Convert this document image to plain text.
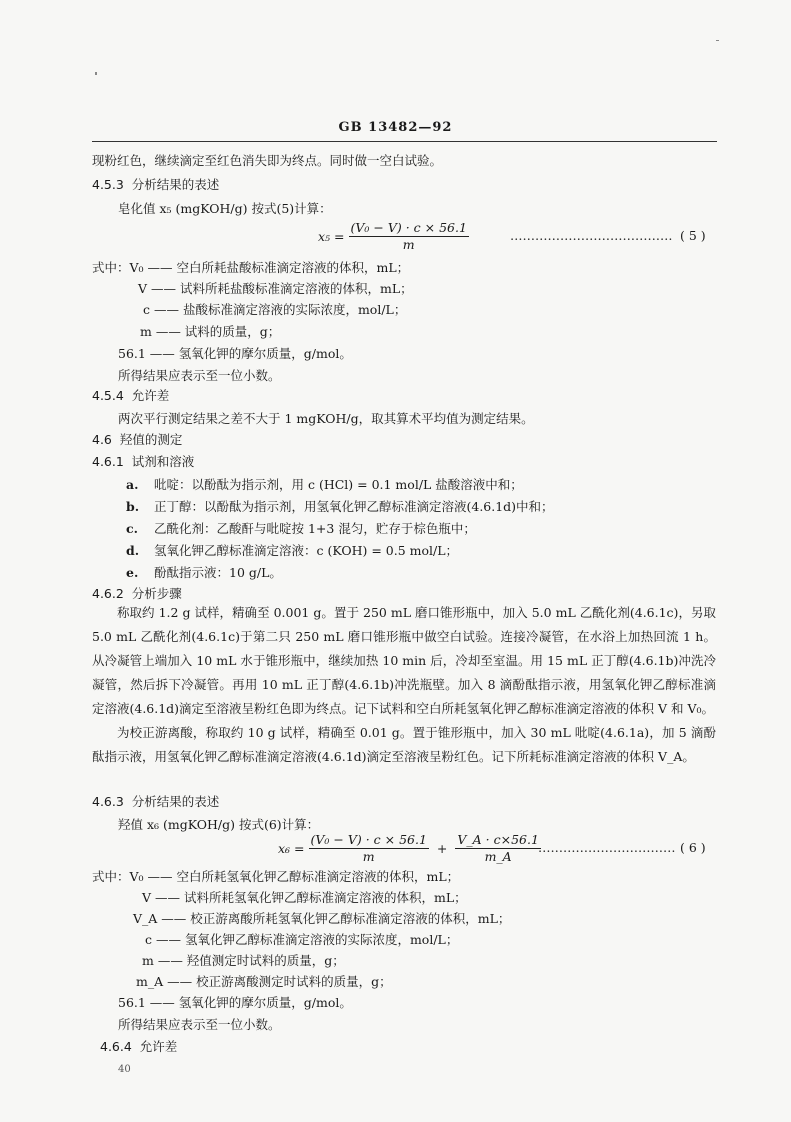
GB 13482—92
现粉红色，继续滴定至红色消失即为终点。同时做一空白试验。
4.5.3 分析结果的表述
皂化值 x₅ (mgKOH/g) 按式(5)计算：
$x_5 = \frac{\text{(V₀ − V) · c × 56.1}}{m}$	………………………………… ( 5 )
式中：V₀ —— 空白所耗盐酸标准滴定溶液的体积，mL；
V —— 试料所耗盐酸标准滴定溶液的体积，mL；
c —— 盐酸标准滴定溶液的实际浓度，mol/L；
m —— 试料的质量，g；
56.1 —— 氢氧化钾的摩尔质量，g/mol。
所得结果应表示至一位小数。
4.5.4 允许差
两次平行测定结果之差不大于 1 mgKOH/g，取其算术平均值为测定结果。
4.6 羟值的测定
4.6.1 试剂和溶液
a. 吡啶：以酚酞为指示剂，用 c (HCl) = 0.1 mol/L 盐酸溶液中和；
b. 正丁醇：以酚酞为指示剂，用氢氧化钾乙醇标准滴定溶液(4.6.1d)中和；
c. 乙酰化剂：乙酸酐与吡啶按 1+3 混匀，贮存于棕色瓶中；
d. 氢氧化钾乙醇标准滴定溶液：c (KOH) = 0.5 mol/L；
e. 酚酞指示液：10 g/L。
4.6.2 分析步骤
称取约 1.2 g 试样，精确至 0.001 g。置于 250 mL 磨口锥形瓶中，加入 5.0 mL 乙酰化剂(4.6.1c)，另取 5.0 mL 乙酰化剂(4.6.1c)于第二只 250 mL 磨口锥形瓶中做空白试验。连接冷凝管，在水浴上加热回流 1 h。从冷凝管上端加入 10 mL 水于锥形瓶中，继续加热 10 min 后，冷却至室温。用 15 mL 正丁醇(4.6.1b)冲洗冷凝管，然后拆下冷凝管。再用 10 mL 正丁醇(4.6.1b)冲洗瓶壁。加入 8 滴酚酞指示液，用氢氧化钾乙醇标准滴定溶液(4.6.1d)滴定至溶液呈粉红色即为终点。记下试料和空白所耗氢氧化钾乙醇标准滴定溶液的体积 V 和 V₀。
为校正游离酸，称取约 10 g 试样，精确至 0.01 g。置于锥形瓶中，加入 30 mL 吡啶(4.6.1a)，加 5 滴酚酞指示液，用氢氧化钾乙醇标准滴定溶液(4.6.1d)滴定至溶液呈粉红色。记下所耗标准滴定溶液的体积 V_A。
4.6.3 分析结果的表述
羟值 x₆ (mgKOH/g) 按式(6)计算：
$x_6 = \frac{\text{(V₀ − V) · c × 56.1}}{m} + \frac{V\_A \cdot c\times 56.1}{m\_A}$
…………………………… ( 6 )
式中：V₀ —— 空白所耗氢氧化钾乙醇标准滴定溶液的体积，mL；
V —— 试料所耗氢氧化钾乙醇标准滴定溶液的体积，mL；
V_A —— 校正游离酸所耗氢氧化钾乙醇标准滴定溶液的体积，mL；
c —— 氢氧化钾乙醇标准滴定溶液的实际浓度，mol/L；
m —— 羟值测定时试料的质量，g；
m_A —— 校正游离酸测定时试料的质量，g；
56.1 —— 氢氧化钾的摩尔质量，g/mol。
所得结果应表示至一位小数。
4.6.4 允许差
40
